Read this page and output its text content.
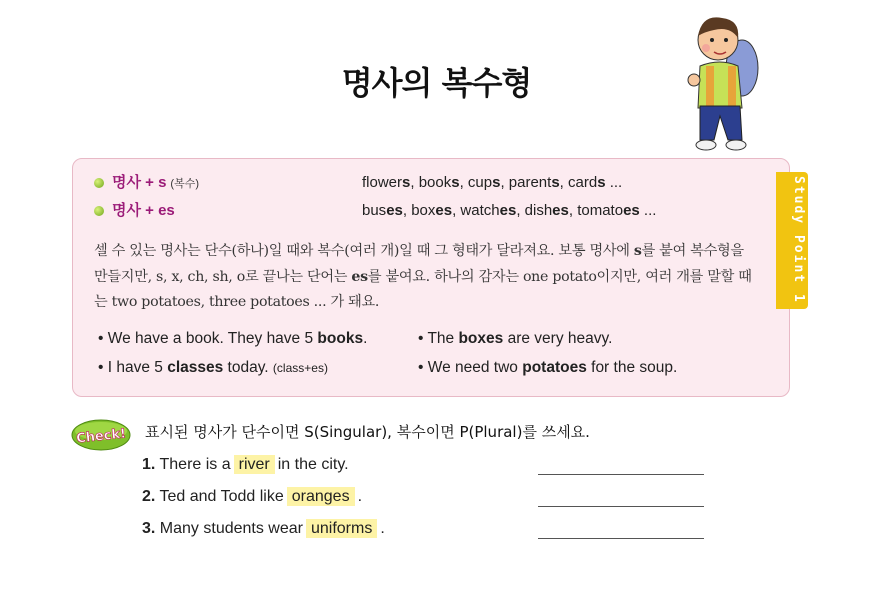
명사의 복수형
명사 + s (복수)	flowers, books, cups, parents, cards ...
명사 + es	buses, boxes, watches, dishes, tomatoes ...
셀 수 있는 명사는 단수(하나)일 때와 복수(여러 개)일 때 그 형태가 달라져요. 보통 명사에 s를 붙여 복수형을 만들지만, s, x, ch, sh, o로 끝나는 단어는 es를 붙여요. 하나의 감자는 one potato이지만, 여러 개를 말할 때는 two potatoes, three potatoes ... 가 돼요.
• We have a book. They have 5 books.	• The boxes are very heavy.
• I have 5 classes today. (class+es)	• We need two potatoes for the soup.
Study Point 1
Check! 표시된 명사가 단수이면 S(Singular), 복수이면 P(Plural)를 쓰세요.
1. There is a river in the city.
2. Ted and Todd like oranges .
3. Many students wear uniforms .
